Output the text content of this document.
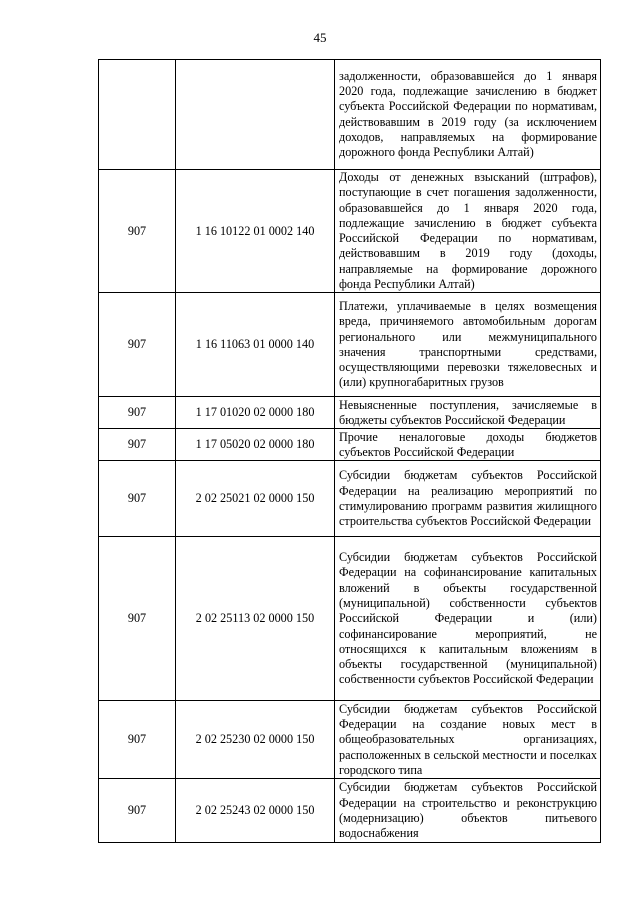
45
		задолженности, образовавшейся до 1 января 2020 года, подлежащие зачислению в бюджет субъекта Российской Федерации по нормативам, действовавшим в 2019 году (за исключением доходов, направляемых на формирование дорожного фонда Республики Алтай)
907	1 16 10122 01 0002 140	Доходы от денежных взысканий (штрафов), поступающие в счет погашения задолженности, образовавшейся до 1 января 2020 года, подлежащие зачислению в бюджет субъекта Российской Федерации по нормативам, действовавшим в 2019 году (доходы, направляемые на формирование дорожного фонда Республики Алтай)
907	1 16 11063 01 0000 140	Платежи, уплачиваемые в целях возмещения вреда, причиняемого автомобильным дорогам регионального или межмуниципального значения транспортными средствами, осуществляющими перевозки тяжеловесных и (или) крупногабаритных грузов
907	1 17 01020 02 0000 180	Невыясненные поступления, зачисляемые в бюджеты субъектов Российской Федерации
907	1 17 05020 02 0000 180	Прочие неналоговые доходы бюджетов субъектов Российской Федерации
907	2 02 25021 02 0000 150	Субсидии бюджетам субъектов Российской Федерации на реализацию мероприятий по стимулированию программ развития жилищного строительства субъектов Российской Федерации
907	2 02 25113 02 0000 150	Субсидии бюджетам субъектов Российской Федерации на софинансирование капитальных вложений в объекты государственной (муниципальной) собственности субъектов Российской Федерации и (или) софинансирование мероприятий, не относящихся к капитальным вложениям в объекты государственной (муниципальной) собственности субъектов Российской Федерации
907	2 02 25230 02 0000 150	Субсидии бюджетам субъектов Российской Федерации на создание новых мест в общеобразовательных организациях, расположенных в сельской местности и поселках городского типа
907	2 02 25243 02 0000 150	Субсидии бюджетам субъектов Российской Федерации на строительство и реконструкцию (модернизацию) объектов питьевого водоснабжения
